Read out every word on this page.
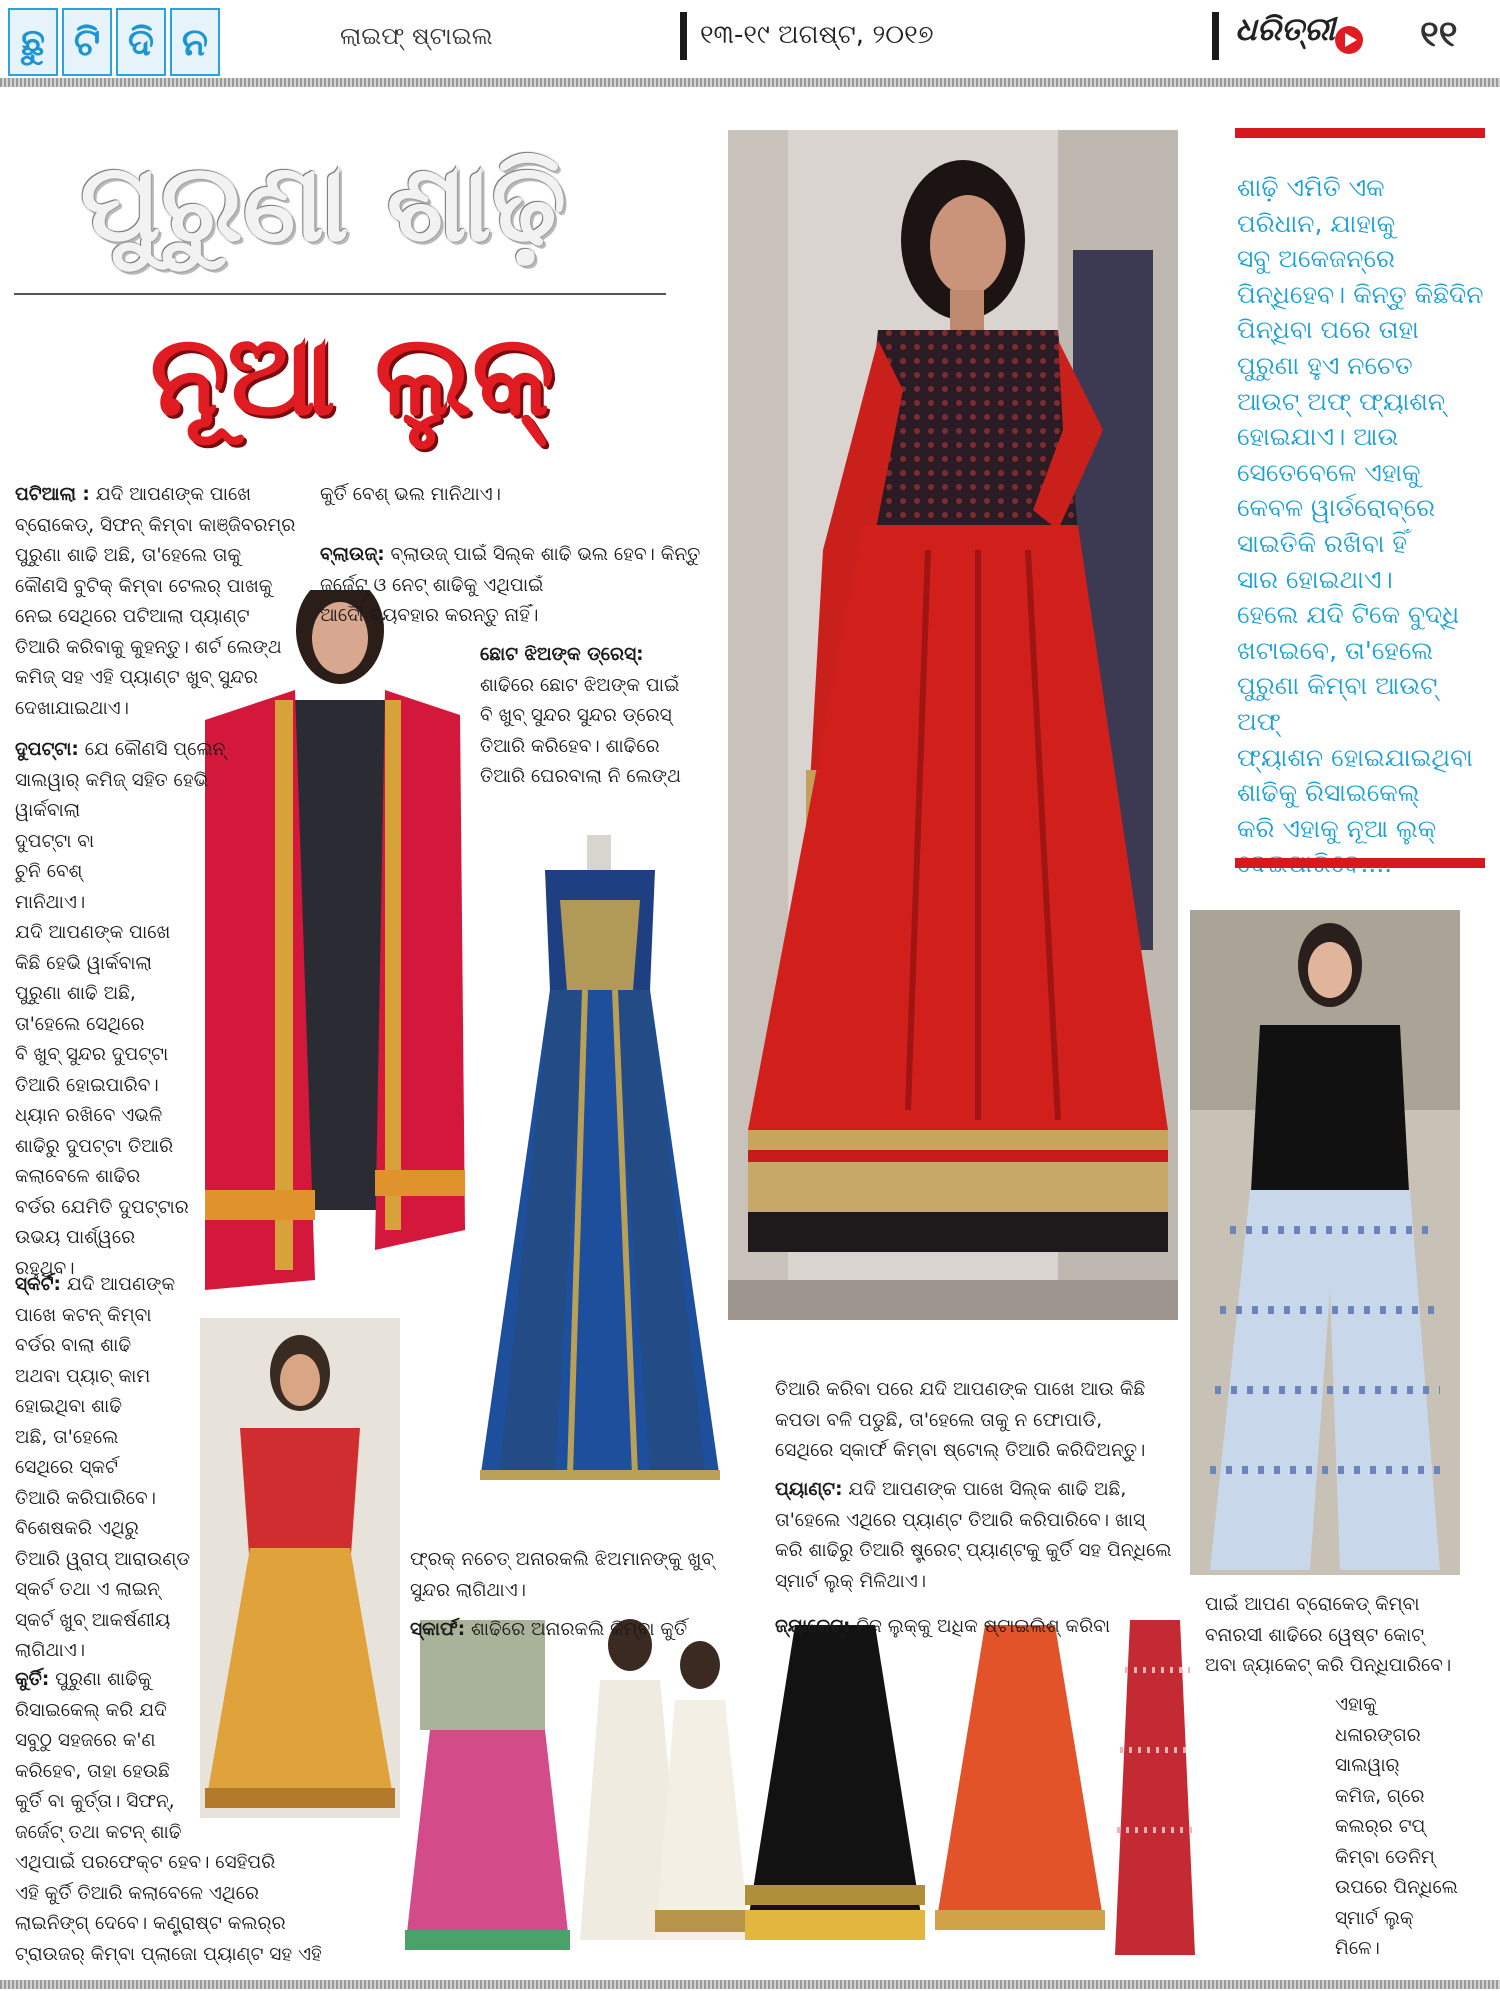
ଛୁ ଟି ଦି ନ	ଲାଇଫ୍ ଷ୍ଟାଇଲ	୧୩-୧୯ ଅଗଷ୍ଟ, ୨୦୧୭	ଧରିତ୍ରୀ ୧୧
ପୁରୁଣା ଶାଢ଼ି
ନୂଆ ଲୁକ୍
ପଟିଆଲା : ଯଦି ଆପଣଙ୍କ ପାଖେ
ବ୍ରୋକେଡ୍, ସିଫନ୍ କିମ୍ବା କାଞ୍ଜିବରମ୍‌ର
ପୁରୁଣା ଶାଢି ଅଛି, ତା'ହେଲେ ତାକୁ
କୌଣସି ବୁଟିକ୍ କିମ୍ବା ଟେଲର୍ ପାଖକୁ
ନେଇ ସେଥିରେ ପଟିଆଲା ପ୍ୟାଣ୍ଟ
ତିଆରି କରିବାକୁ କୁହନ୍ତୁ। ଶର୍ଟ ଲେଙ୍ଥ
କମିଜ୍ ସହ ଏହି ପ୍ୟାଣ୍ଟ ଖୁବ୍ ସୁନ୍ଦର
ଦେଖାଯାଇଥାଏ।
ଦୁପଟ୍ଟା: ଯେ କୌଣସି ପ୍ଲେନ୍
ସାଲୱାର୍ କମିଜ୍ ସହିତ ହେଭି
ୱାର୍କବାଲା
ଦୁପଟ୍ଟା ବା
ଚୁନି ବେଶ୍
ମାନିଥାଏ।
ଯଦି ଆପଣଙ୍କ ପାଖେ
କିଛି ହେଭି ୱାର୍କବାଲା
ପୁରୁଣା ଶାଢି ଅଛି,
ତା'ହେଲେ ସେଥିରେ
ବି ଖୁବ୍ ସୁନ୍ଦର ଦୁପଟ୍ଟା
ତିଆରି ହୋଇପାରିବ।
ଧ୍ୟାନ ରଖିବେ ଏଭଳି
ଶାଢିରୁ ଦୁପଟ୍ଟା ତିଆରି
କଲାବେଳେ ଶାଢିର
ବର୍ଡର ଯେମିତି ଦୁପଟ୍ଟାର
ଉଭୟ ପାର୍ଶ୍ୱରେ
ରହୁଥିବ।
ସ୍କର୍ଟ: ଯଦି ଆପଣଙ୍କ
ପାଖେ କଟନ୍ କିମ୍ବା
ବର୍ଡର ବାଲା ଶାଢି
ଅଥବା ପ୍ୟାଚ୍ କାମ
ହୋଇଥିବା ଶାଢି
ଅଛି, ତା'ହେଲେ
ସେଥିରେ ସ୍କର୍ଟ
ତିଆରି କରିପାରିବେ।
ବିଶେଷକରି ଏଥିରୁ
ତିଆରି ୱ୍ରାପ୍ ଆରାଉଣ୍ଡ
ସ୍କର୍ଟ ତଥା ଏ ଲାଇନ୍
ସ୍କର୍ଟ ଖୁବ୍ ଆକର୍ଷଣୀୟ
ଲାଗିଥାଏ।
କୁର୍ତି: ପୁରୁଣା ଶାଢିକୁ
ରିସାଇକେଲ୍ କରି ଯଦି
ସବୁଠୁ ସହଜରେ କ'ଣ
କରିହେବ, ତାହା ହେଉଛି
କୁର୍ତି ବା କୁର୍ତ୍ତା। ସିଫନ୍,
ଜର୍ଜେଟ୍ ତଥା କଟନ୍ ଶାଢି
ଏଥିପାଇଁ ପରଫେକ୍ଟ ହେବ। ସେହିପରି
ଏହି କୁର୍ତି ତିଆରି କଲାବେଳେ ଏଥିରେ
ଲାଇନିଙ୍ଗ୍ ଦେବେ। କଣ୍ଟ୍ରାଷ୍ଟ କଲର୍‌ର
ଟ୍ରାଉଜର୍ କିମ୍ବା ପ୍ଲାଜୋ ପ୍ୟାଣ୍ଟ ସହ ଏହି
କୁର୍ତି ବେଶ୍ ଭଲ ମାନିଥାଏ।
ବ୍ଲାଉଜ୍: ବ୍ଲାଉଜ୍ ପାଇଁ ସିଲ୍କ ଶାଢି ଭଲ ହେବ। କିନ୍ତୁ
ଜର୍ଜେଟ୍ ଓ ନେଟ୍ ଶାଢିକୁ ଏଥିପାଇଁ
ଆଦୌ ବ୍ୟବହାର କରନ୍ତୁ ନାହିଁ।
ଛୋଟ ଝିଅଙ୍କ ଡ୍ରେସ୍:
ଶାଢିରେ ଛୋଟ ଝିଅଙ୍କ ପାଇଁ
ବି ଖୁବ୍ ସୁନ୍ଦର ସୁନ୍ଦର ଡ୍ରେସ୍
ତିଆରି କରିହେବ। ଶାଢିରେ
ତିଆରି ଘେରବାଲା ନି ଲେଙ୍ଥ
ଫ୍ରକ୍ ନଚେତ୍ ଅନାରକଲି ଝିଅମାନଙ୍କୁ ଖୁବ୍
ସୁନ୍ଦର ଲାଗିଥାଏ।
ସ୍କାର୍ଫ: ଶାଢିରେ ଅନାରକଲି କିମ୍ବା କୁର୍ତି
ତିଆରି କରିବା ପରେ ଯଦି ଆପଣଙ୍କ ପାଖେ ଆଉ କିଛି
କପଡା ବଳି ପଡୁଛି, ତା'ହେଲେ ତାକୁ ନ ଫୋପାଡି,
ସେଥିରେ ସ୍କାର୍ଫ କିମ୍ବା ଷ୍ଟୋଲ୍ ତିଆରି କରିଦିଅନ୍ତୁ।
ପ୍ୟାଣ୍ଟ: ଯଦି ଆପଣଙ୍କ ପାଖେ ସିଲ୍କ ଶାଢି ଅଛି,
ତା'ହେଲେ ଏଥିରେ ପ୍ୟାଣ୍ଟ ତିଆରି କରିପାରିବେ। ଖାସ୍
କରି ଶାଢିରୁ ତିଆରି ଷ୍ଟ୍ରେଟ୍ ପ୍ୟାଣ୍ଟକୁ କୁର୍ତି ସହ ପିନ୍ଧିଲେ
ସ୍ମାର୍ଟ ଲୁକ୍ ମିଳିଥାଏ।
ଜ୍ୟାକେଟ୍: ନିଜ ଲୁକ୍‌କୁ ଅଧିକ ଷ୍ଟାଇଲିଶ୍ କରିବା
ପାଇଁ ଆପଣ ବ୍ରୋକେଡ୍ କିମ୍ବା
ବନାରସୀ ଶାଢିରେ ୱେଷ୍ଟ କୋଟ୍
ଅବା ଜ୍ୟାକେଟ୍ କରି ପିନ୍ଧିପାରିବେ।
ଏହାକୁ
ଧଳାରଙ୍ଗର
ସାଲୱାର୍
କମିଜ, ଗ୍ରେ
କଲର୍‌ର ଟପ୍
କିମ୍ବା ଡେନିମ୍
ଉପରେ ପିନ୍ଧିଲେ
ସ୍ମାର୍ଟ ଲୁକ୍
ମିଳେ।
ଶାଢ଼ି ଏମିତି ଏକ
ପରିଧାନ, ଯାହାକୁ
ସବୁ ଅକେଜନ୍‌ରେ
ପିନ୍ଧିହେବ। କିନ୍ତୁ କିଛିଦିନ
ପିନ୍ଧିବା ପରେ ତାହା
ପୁରୁଣା ହୁଏ ନଚେତ
ଆଉଟ୍ ଅଫ୍ ଫ୍ୟାଶନ୍
ହୋଇଯାଏ। ଆଉ
ସେତେବେଳେ ଏହାକୁ
କେବଳ ୱାର୍ଡରୋବ୍‌ରେ
ସାଇତିକି ରଖିବା ହିଁ
ସାର ହୋଇଥାଏ।
ହେଲେ ଯଦି ଟିକେ ବୁଦ୍ଧି
ଖଟାଇବେ, ତା'ହେଲେ
ପୁରୁଣା କିମ୍ବା ଆଉଟ୍ ଅଫ୍
ଫ୍ୟାଶନ ହୋଇଯାଇଥିବା
ଶାଢିକୁ ରିସାଇକେଲ୍
କରି ଏହାକୁ ନୂଆ ଲୁକ୍
